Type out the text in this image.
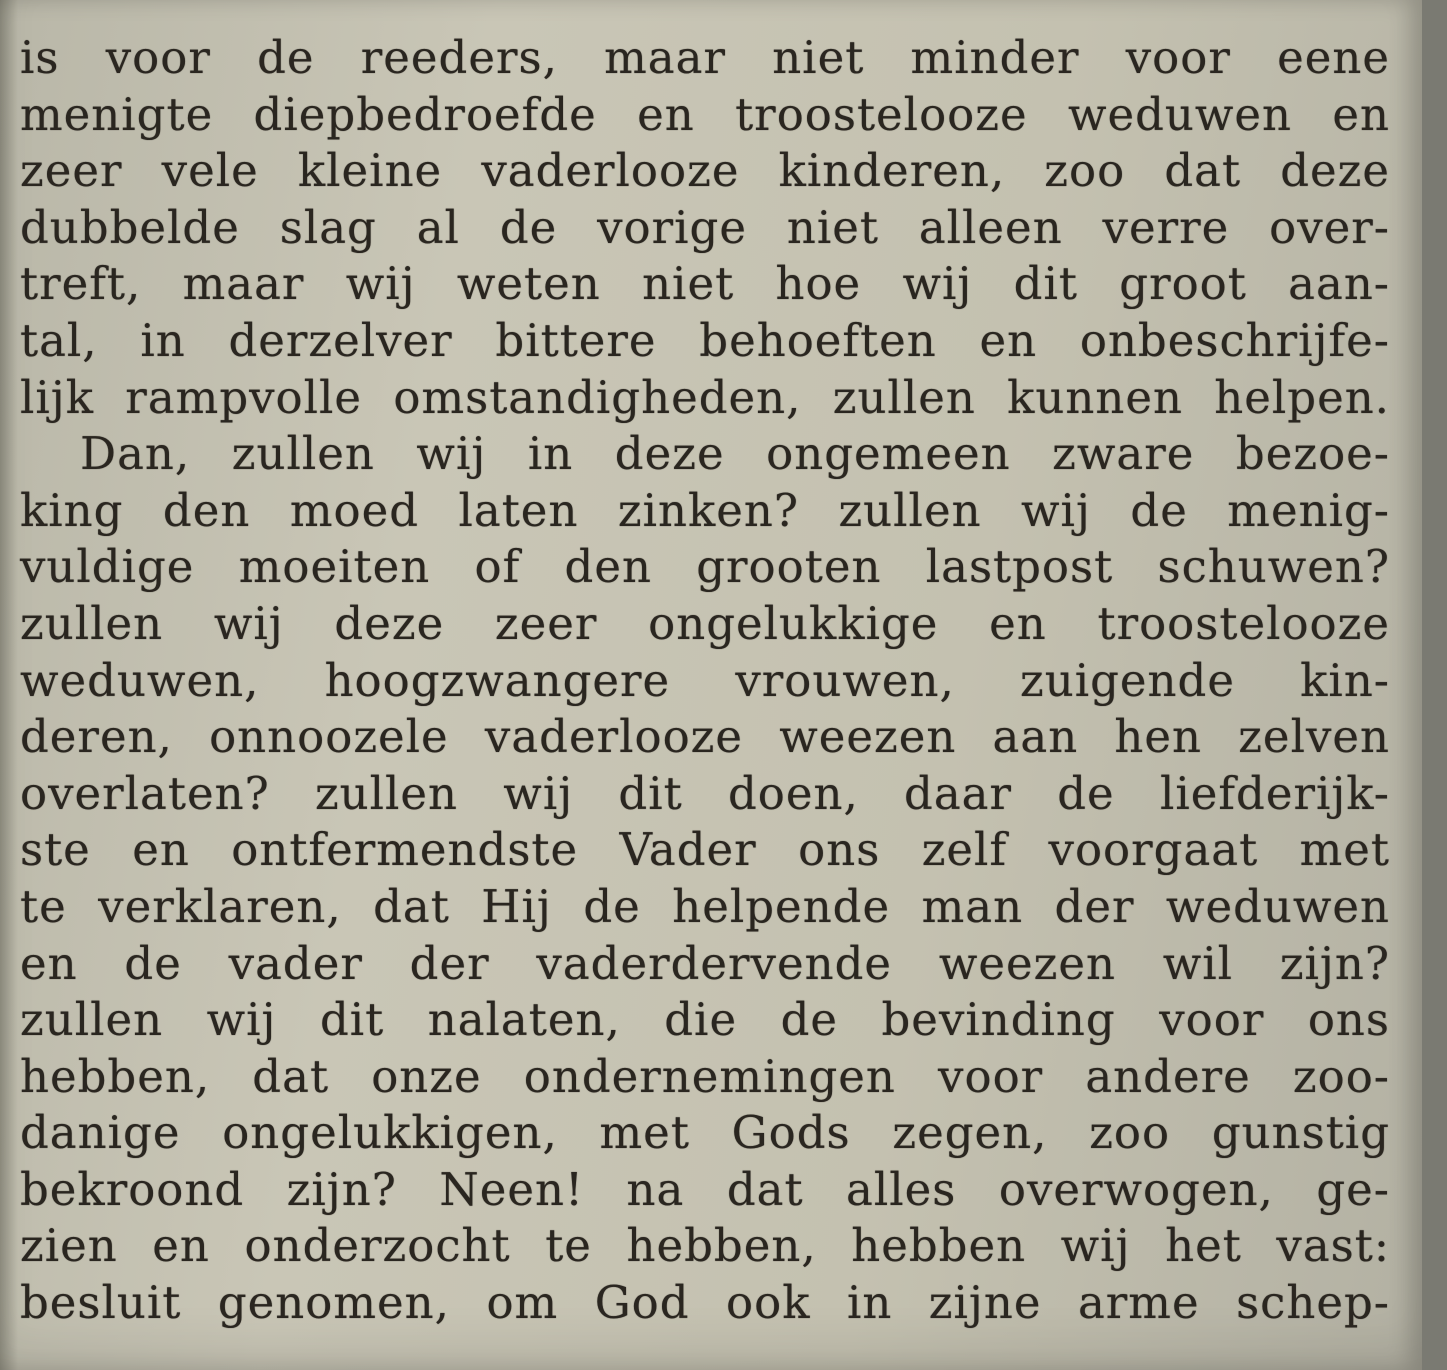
is voor de reeders, maar niet minder voor eene
menigte diepbedroefde en troostelooze weduwen en
zeer vele kleine vaderlooze kinderen, zoo dat deze
dubbelde slag al de vorige niet alleen verre over-
treft, maar wij weten niet hoe wij dit groot aan-
tal, in derzelver bittere behoeften en onbeschrijfe-
lijk rampvolle omstandigheden, zullen kunnen helpen.
Dan, zullen wij in deze ongemeen zware bezoe-
king den moed laten zinken? zullen wij de menig-
vuldige moeiten of den grooten lastpost schuwen?
zullen wij deze zeer ongelukkige en troostelooze
weduwen, hoogzwangere vrouwen, zuigende kin-
deren, onnoozele vaderlooze weezen aan hen zelven
overlaten? zullen wij dit doen, daar de liefderijk-
ste en ontfermendste Vader ons zelf voorgaat met
te verklaren, dat Hij de helpende man der weduwen
en de vader der vaderdervende weezen wil zijn?
zullen wij dit nalaten, die de bevinding voor ons
hebben, dat onze ondernemingen voor andere zoo-
danige ongelukkigen, met Gods zegen, zoo gunstig
bekroond zijn? Neen! na dat alles overwogen, ge-
zien en onderzocht te hebben, hebben wij het vast:
besluit genomen, om God ook in zijne arme schep-
